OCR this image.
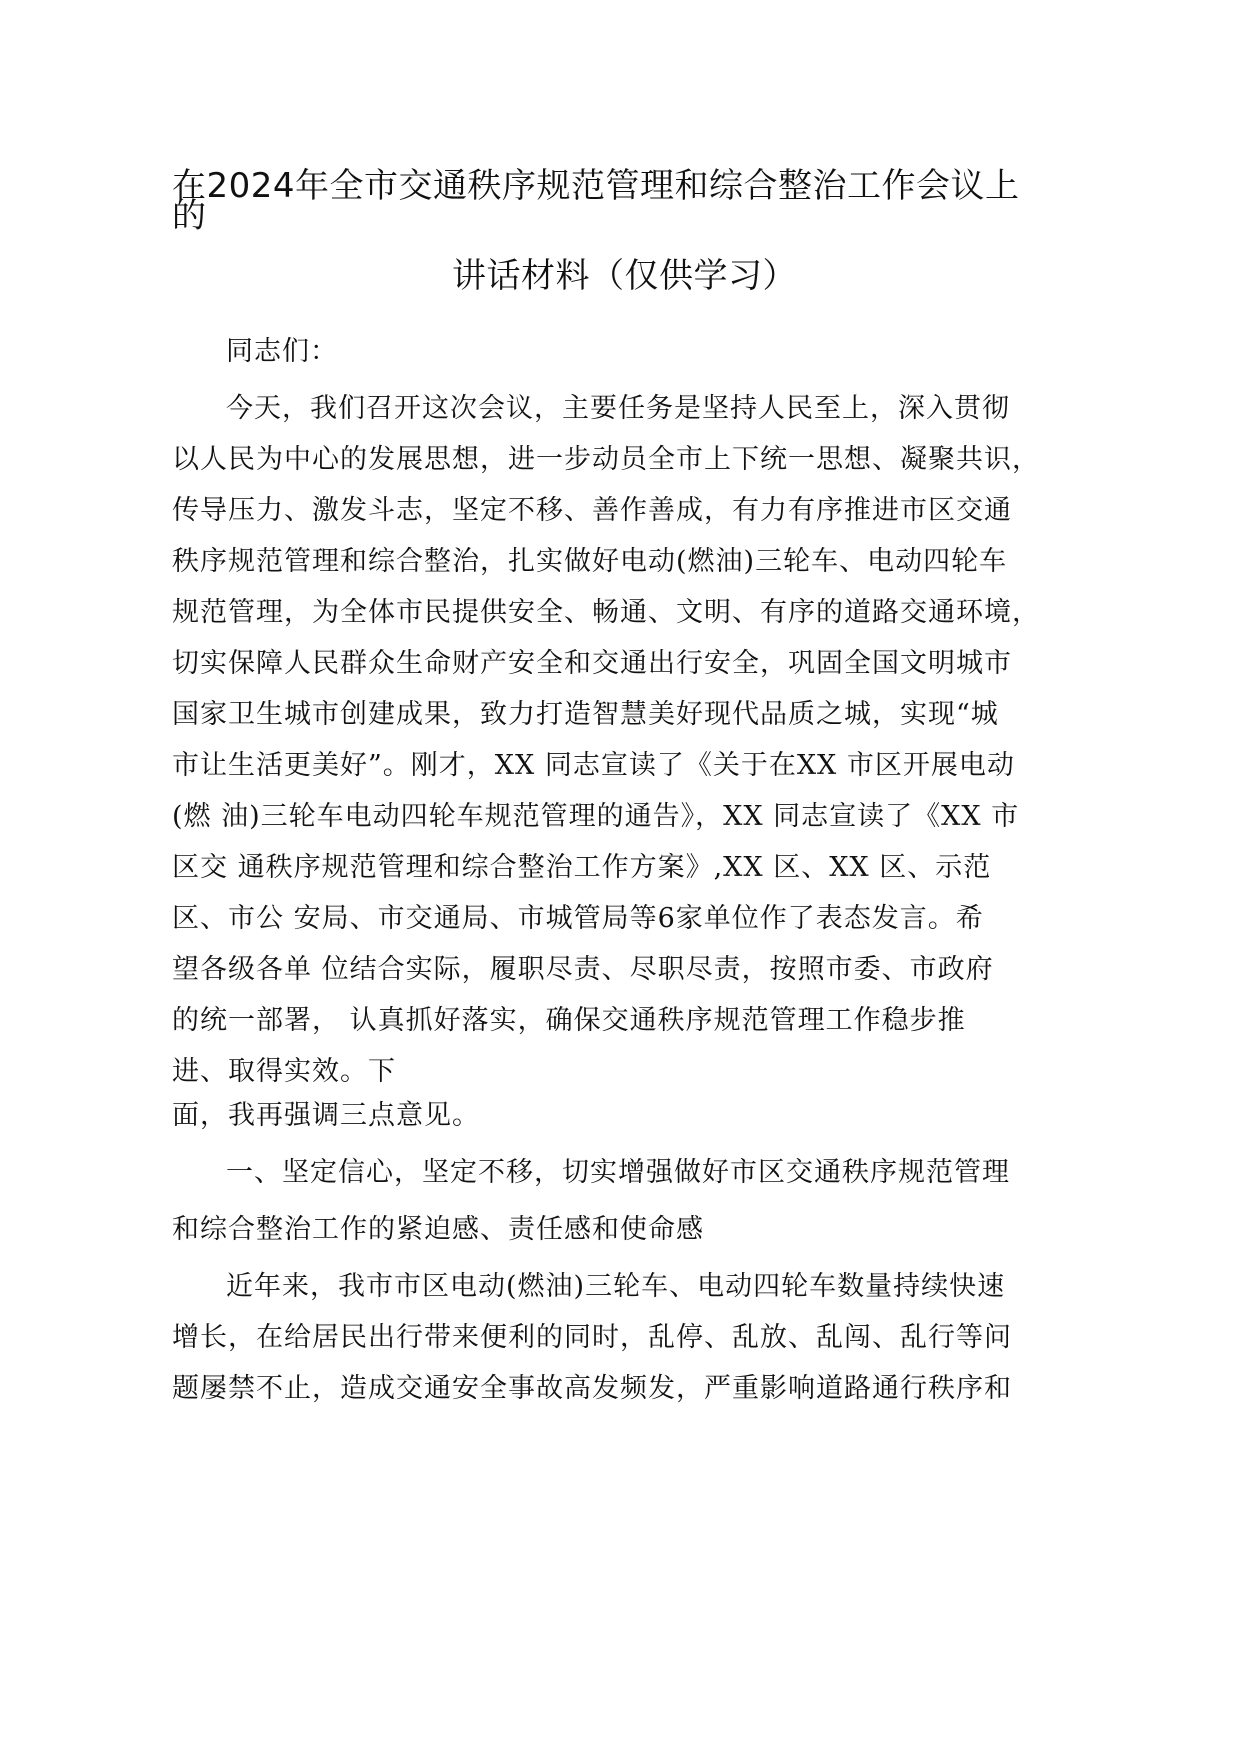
在2024年全市交通秩序规范管理和综合整治工作会议上
的
讲话材料（仅供学习）

同志们：

今天，我们召开这次会议，主要任务是坚持人民至上，深入贯彻

以人民为中心的发展思想，进一步动员全市上下统一思想、凝聚共识，

传导压力、激发斗志，坚定不移、善作善成，有力有序推进市区交通

秩序规范管理和综合整治，扎实做好电动(燃油)三轮车、电动四轮车

规范管理，为全体市民提供安全、畅通、文明、有序的道路交通环境，

切实保障人民群众生命财产安全和交通出行安全，巩固全国文明城市

国家卫生城市创建成果，致力打造智慧美好现代品质之城，实现“城

市让生活更美好”。刚才，XX 同志宣读了《关于在XX 市区开展电动

(燃 油)三轮车电动四轮车规范管理的通告》，XX 同志宣读了《XX 市

区交 通秩序规范管理和综合整治工作方案》,XX 区、XX 区、示范

区、市公 安局、市交通局、市城管局等6家单位作了表态发言。希

望各级各单 位结合实际，履职尽责、尽职尽责，按照市委、市政府

的统一部署， 认真抓好落实，确保交通秩序规范管理工作稳步推

进、取得实效。下

面，我再强调三点意见。

一、坚定信心，坚定不移，切实增强做好市区交通秩序规范管理

和综合整治工作的紧迫感、责任感和使命感

近年来，我市市区电动(燃油)三轮车、电动四轮车数量持续快速

增长，在给居民出行带来便利的同时，乱停、乱放、乱闯、乱行等问

题屡禁不止，造成交通安全事故高发频发，严重影响道路通行秩序和
